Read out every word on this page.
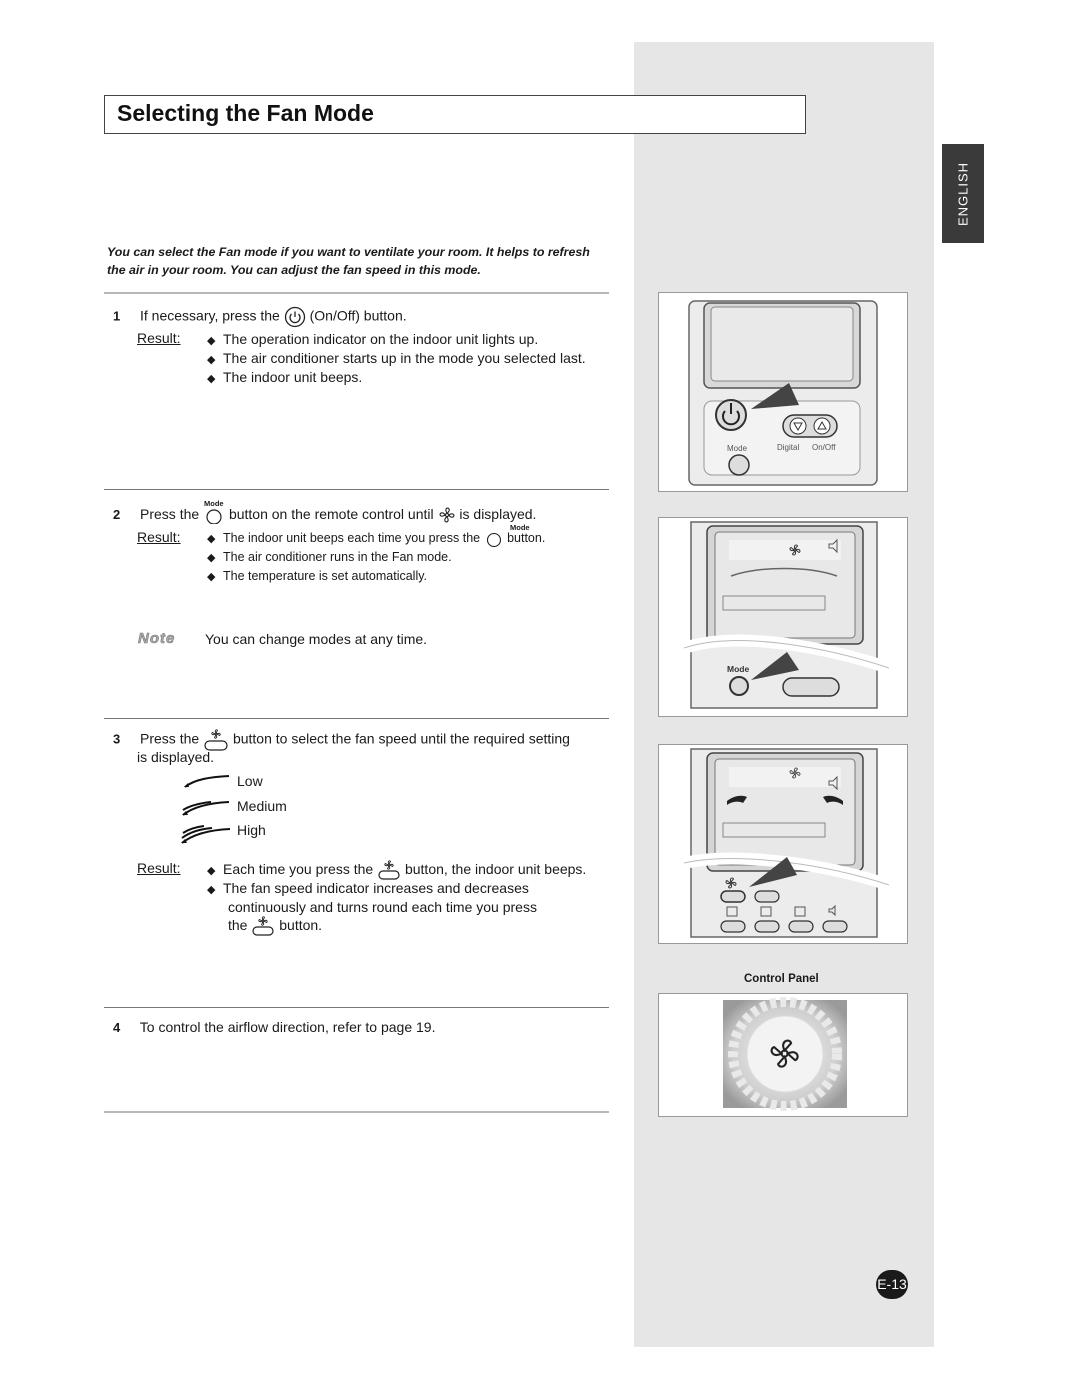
Selecting the Fan Mode
ENGLISH
You can select the Fan mode if you want to ventilate your room. It helps to refresh the air in your room. You can adjust the fan speed in this mode.
1 If necessary, press the (On/Off) button.
Result: ◆ The operation indicator on the indoor unit lights up.
◆ The air conditioner starts up in the mode you selected last.
◆ The indoor unit beeps.
Mode
2 Press the button on the remote control until is displayed.
Result:
Mode
◆ The indoor unit beeps each time you press the button.
◆ The air conditioner runs in the Fan mode.
◆ The temperature is set automatically.
Note You can change modes at any time.
3 Press the button to select the fan speed until the required setting
is displayed.
Low
Medium
High
Result: ◆ Each time you press the button, the indoor unit beeps.
◆ The fan speed indicator increases and decreases
continuously and turns round each time you press
the button.
4 To control the airflow direction, refer to page 19.
Mode	Digital On/Off
Mode
Control Panel
E-13
